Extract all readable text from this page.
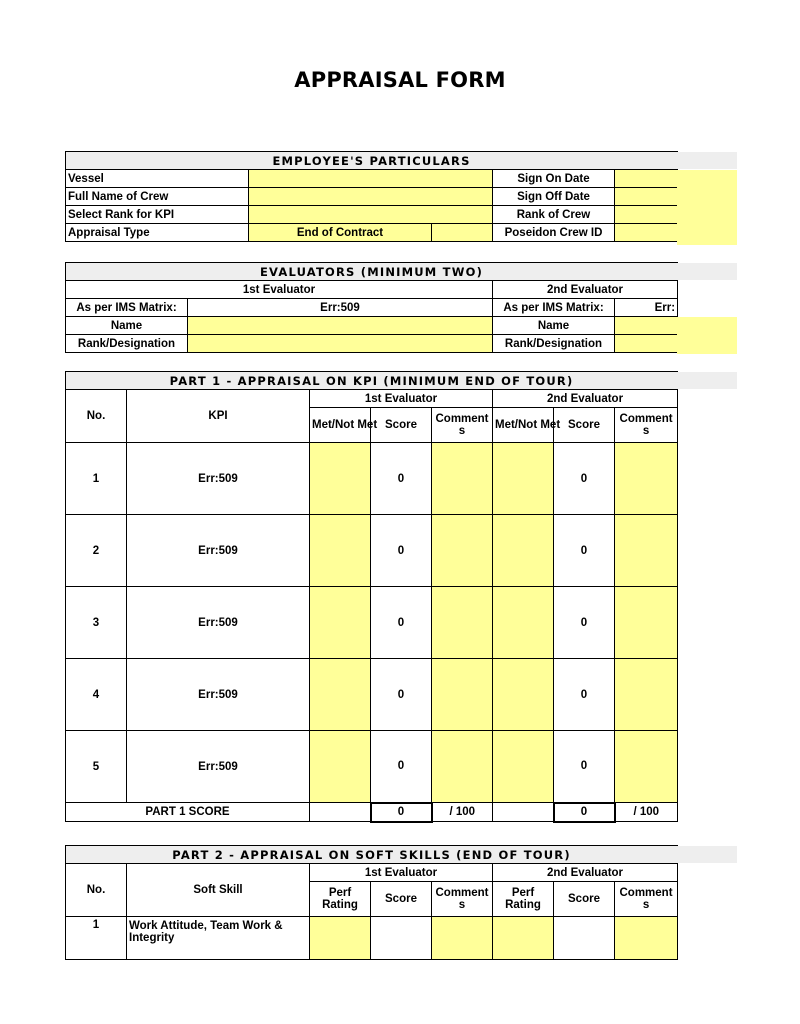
APPRAISAL FORM
EMPLOYEE'S PARTICULARS				
Vessel			Sign On Date	
Full Name of Crew			Sign Off Date	
Select Rank for KPI			Rank of Crew	
Appraisal Type	End of Contract		Poseidon Crew ID	
EVALUATORS (MINIMUM TWO)			
1st Evaluator		2nd Evaluator	
As per IMS Matrix:	Err:509	As per IMS Matrix:	Err:
Name		Name	
Rank/Designation		Rank/Designation	
PART 1 - APPRAISAL ON KPI (MINIMUM END OF TOUR)							
No.	KPI	1st Evaluator			2nd Evaluator		
		Met/Not Met	Score	Comments	Met/Not Met	Score	Comments
1	Err:509		0			0	
2	Err:509		0			0	
3	Err:509		0			0	
4	Err:509		0			0	
5	Err:509		0			0	
PART 1 SCORE			0	/ 100		0	/ 100
PART 2 - APPRAISAL ON SOFT SKILLS (END OF TOUR)							
No.	Soft Skill	1st Evaluator			2nd Evaluator		
		Perf Rating	Score	Comments	Perf Rating	Score	Comments
1	Work Attitude, Team Work & Integrity						
